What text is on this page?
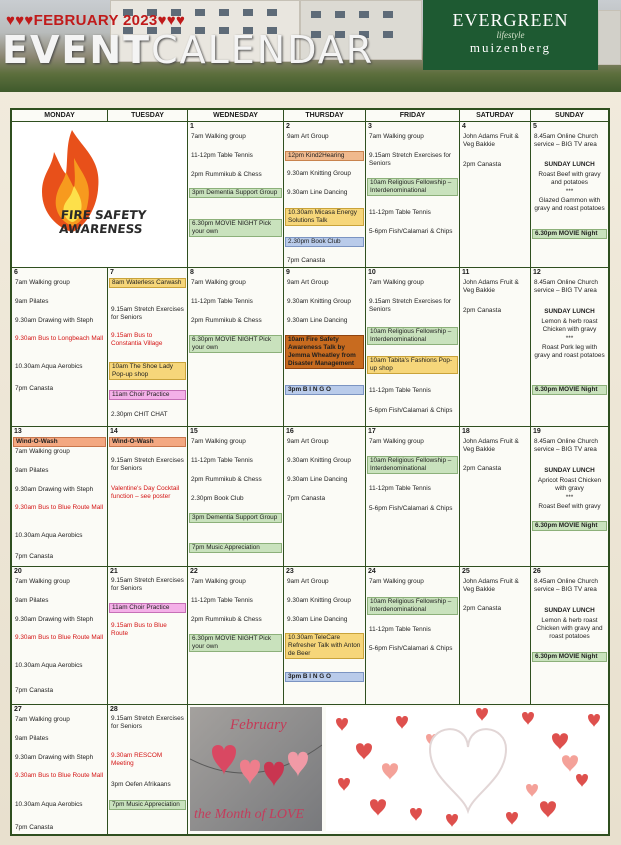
♥♥♥FEBRUARY 2023♥♥♥
EVENTCALENDAR
EVERGREEN
lifestyle
muizenberg
MONDAY	TUESDAY	WEDNESDAY	THURSDAY	FRIDAY	SATURDAY	SUNDAY
FIRE SAFETY
AWARENESS
1
7am Walking group
11-12pm Table Tennis
2pm Rummikub & Chess
3pm Dementia Support Group
6.30pm MOVIE NIGHT Pick your own
2
9am Art Group
12pm Kind2Hearing
9.30am Knitting Group
9.30am Line Dancing
10.30am Micasa Energy Solutions Talk
2.30pm Book Club
7pm Canasta
3
7am Walking group
9.15am Stretch Exercises for Seniors
10am Religious Fellowship – Interdenominational
11-12pm Table Tennis
5-6pm Fish/Calamari & Chips
4
John Adams Fruit & Veg Bakkie
2pm Canasta
5
8.45am Online Church service – BIG TV area
SUNDAY LUNCH
Roast Beef with gravy and potatoes
***
Glazed Gammon with gravy and roast potatoes
6.30pm MOVIE Night
6
7am Walking group
9am Pilates
9.30am Drawing with Steph
9.30am Bus to Longbeach Mall
10.30am Aqua Aerobics
7pm Canasta
7
8am Waterless Carwash
9.15am Stretch Exercises for Seniors
9.15am Bus to Constantia Village
10am The Shoe Lady Pop-up shop
11am Choir Practice
2.30pm CHIT CHAT
8
7am Walking group
11-12pm Table Tennis
2pm Rummikub & Chess
6.30pm MOVIE NIGHT Pick your own
9
9am Art Group
9.30am Knitting Group
9.30am Line Dancing
10am Fire Safety Awareness Talk by Jemma Wheatley from Disaster Management
3pm B I N G O
10
7am Walking group
9.15am Stretch Exercises for Seniors
10am Religious Fellowship – Interdenominational
10am Tabita's Fashions Pop-up shop
11-12pm Table Tennis
5-6pm Fish/Calamari & Chips
11
John Adams Fruit & Veg Bakkie
2pm Canasta
12
8.45am Online Church service – BIG TV area
SUNDAY LUNCH
Lemon & herb roast Chicken with gravy
***
Roast Pork leg with gravy and roast potatoes
6.30pm MOVIE Night
13
Wind-O-Wash
7am Walking group
9am Pilates
9.30am Drawing with Steph
9.30am Bus to Blue Route Mall
10.30am Aqua Aerobics
7pm Canasta
14
Wind-O-Wash
9.15am Stretch Exercises for Seniors
Valentine's Day Cocktail function – see poster
15
7am Walking group
11-12pm Table Tennis
2pm Rummikub & Chess
2.30pm Book Club
3pm Dementia Support Group
7pm Music Appreciation
16
9am Art Group
9.30am Knitting Group
9.30am Line Dancing
7pm Canasta
17
7am Walking group
10am Religious Fellowship – Interdenominational
11-12pm Table Tennis
5-6pm Fish/Calamari & Chips
18
John Adams Fruit & Veg Bakkie
2pm Canasta
19
8.45am Online Church service – BIG TV area
SUNDAY LUNCH
Apricot Roast Chicken with gravy
***
Roast Beef with gravy
6.30pm MOVIE Night
20
7am Walking group
9am Pilates
9.30am Drawing with Steph
9.30am Bus to Blue Route Mall
10.30am Aqua Aerobics
7pm Canasta
21
9.15am Stretch Exercises for Seniors
11am Choir Practice
9.15am Bus to Blue Route
22
7am Walking group
11-12pm Table Tennis
2pm Rummikub & Chess
6.30pm MOVIE NIGHT Pick your own
23
9am Art Group
9.30am Knitting Group
9.30am Line Dancing
10.30am TeleCare Refresher Talk with Anton de Beer
3pm B I N G O
24
7am Walking group
10am Religious Fellowship – Interdenominational
11-12pm Table Tennis
5-6pm Fish/Calamari & Chips
25
John Adams Fruit & Veg Bakkie
2pm Canasta
26
8.45am Online Church service – BIG TV area
SUNDAY LUNCH
Lemon & herb roast Chicken with gravy and roast potatoes
6.30pm MOVIE Night
27
7am Walking group
9am Pilates
9.30am Drawing with Steph
9.30am Bus to Blue Route Mall
10.30am Aqua Aerobics
7pm Canasta
28
9.15am Stretch Exercises for Seniors
9.30am RESCOM Meeting
3pm Oefen Afrikaans
7pm Music Appreciation
February
the Month of LOVE
